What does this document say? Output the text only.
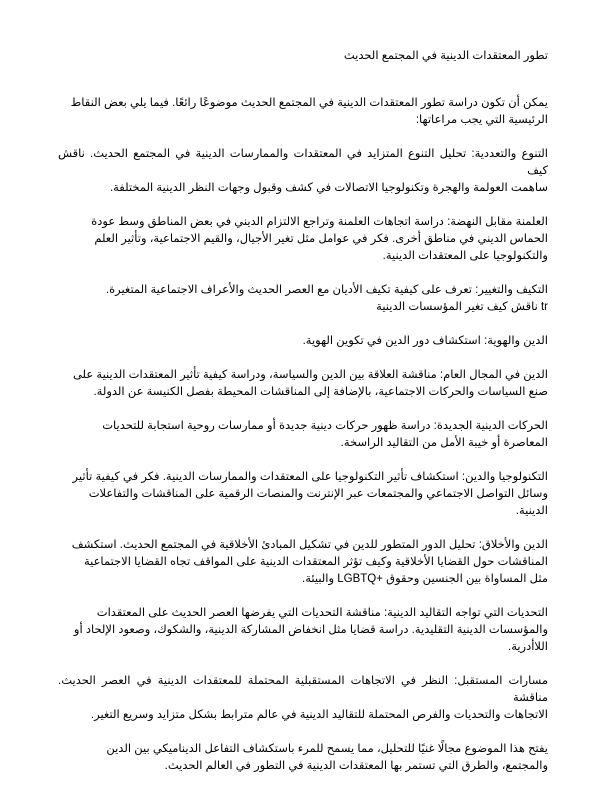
تطور المعتقدات الدينية في المجتمع الحديث
يمكن أن تكون دراسة تطور المعتقدات الدينية في المجتمع الحديث موضوعًا رائعًا. فيما يلي بعض النقاط
الرئيسية التي يجب مراعاتها:
التنوع والتعددية: تحليل التنوع المتزايد في المعتقدات والممارسات الدينية في المجتمع الحديث. ناقش كيف
ساهمت العولمة والهجرة وتكنولوجيا الاتصالات في كشف وقبول وجهات النظر الدينية المختلفة.
العلمنة مقابل النهضة: دراسة اتجاهات العلمنة وتراجع الالتزام الديني في بعض المناطق وسط عودة
الحماس الديني في مناطق أخرى. فكر في عوامل مثل تغير الأجيال، والقيم الاجتماعية، وتأثير العلم
والتكنولوجيا على المعتقدات الدينية.
التكيف والتغيير: تعرف على كيفية تكيف الأديان مع العصر الحديث والأعراف الاجتماعية المتغيرة.
tr ناقش كيف تغير المؤسسات الدينية
الدين والهوية: استكشاف دور الدين في تكوين الهوية.
الدين في المجال العام: مناقشة العلاقة بين الدين والسياسة، ودراسة كيفية تأثير المعتقدات الدينية على
صنع السياسات والحركات الاجتماعية، بالإضافة إلى المناقشات المحيطة بفصل الكنيسة عن الدولة.
الحركات الدينية الجديدة: دراسة ظهور حركات دينية جديدة أو ممارسات روحية استجابة للتحديات
المعاصرة أو خيبة الأمل من التقاليد الراسخة.
التكنولوجيا والدين: استكشاف تأثير التكنولوجيا على المعتقدات والممارسات الدينية. فكر في كيفية تأثير
وسائل التواصل الاجتماعي والمجتمعات عبر الإنترنت والمنصات الرقمية على المناقشات والتفاعلات
الدينية.
الدين والأخلاق: تحليل الدور المتطور للدين في تشكيل المبادئ الأخلاقية في المجتمع الحديث. استكشف
المناقشات حول القضايا الأخلاقية وكيف تؤثر المعتقدات الدينية على المواقف تجاه القضايا الاجتماعية
مثل المساواة بين الجنسين وحقوق +LGBTQ والبيئة.
التحديات التي تواجه التقاليد الدينية: مناقشة التحديات التي يفرضها العصر الحديث على المعتقدات
والمؤسسات الدينية التقليدية. دراسة قضايا مثل انخفاض المشاركة الدينية، والشكوك، وصعود الإلحاد أو
اللاأدرية.
مسارات المستقبل: النظر في الاتجاهات المستقبلية المحتملة للمعتقدات الدينية في العصر الحديث. مناقشة
الاتجاهات والتحديات والفرص المحتملة للتقاليد الدينية في عالم مترابط بشكل متزايد وسريع التغير.
يفتح هذا الموضوع مجالًا غنيًا للتحليل، مما يسمح للمرء باستكشاف التفاعل الديناميكي بين الدين
والمجتمع، والطرق التي تستمر بها المعتقدات الدينية في التطور في العالم الحديث.
